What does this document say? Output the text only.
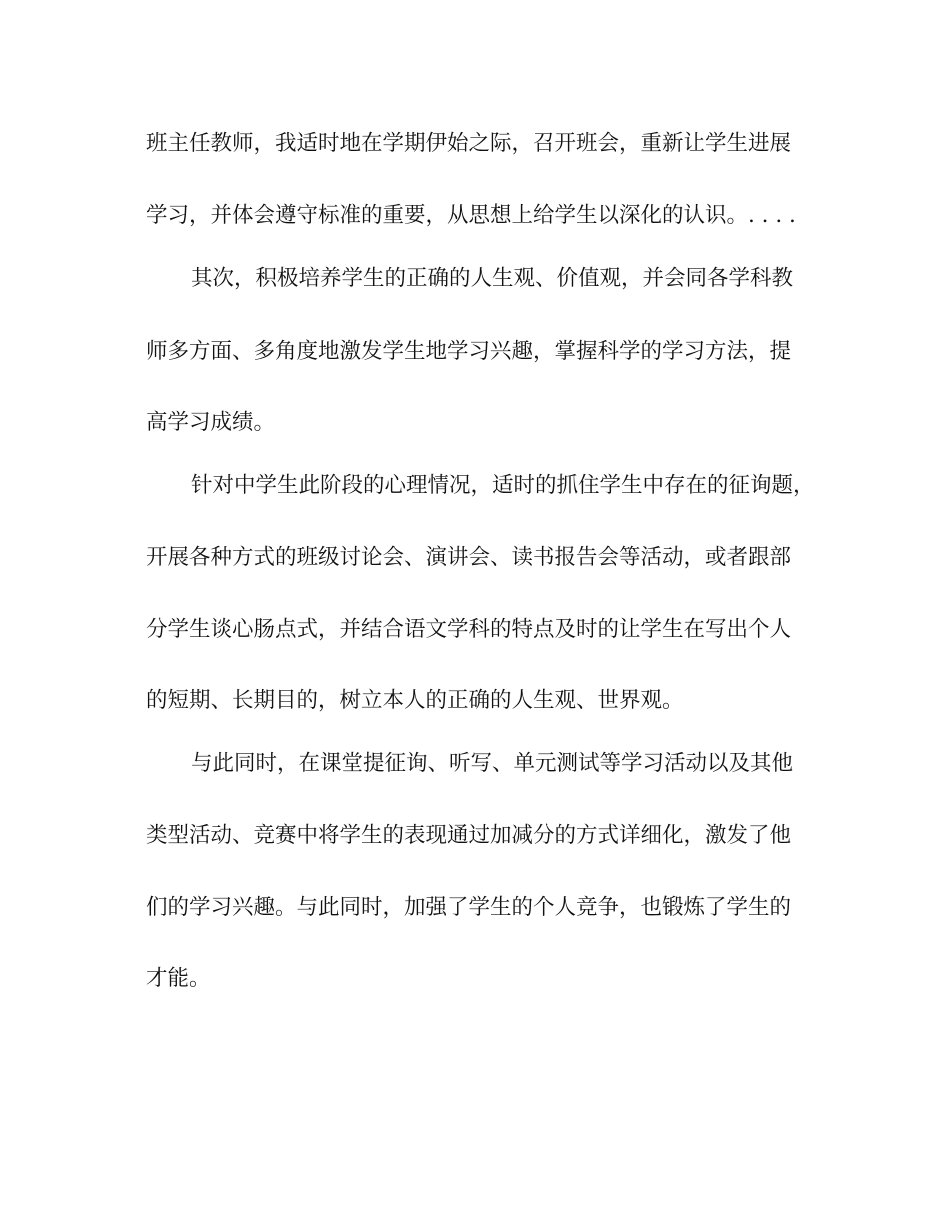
班主任教师，我适时地在学期伊始之际，召开班会，重新让学生进展
学习，并体会遵守标准的重要，从思想上给学生以深化的认识。. . . .
其次，积极培养学生的正确的人生观、价值观，并会同各学科教
师多方面、多角度地激发学生地学习兴趣，掌握科学的学习方法，提
高学习成绩。
针对中学生此阶段的心理情况，适时的抓住学生中存在的征询题，
开展各种方式的班级讨论会、演讲会、读书报告会等活动，或者跟部
分学生谈心肠点式，并结合语文学科的特点及时的让学生在写出个人
的短期、长期目的，树立本人的正确的人生观、世界观。
与此同时，在课堂提征询、听写、单元测试等学习活动以及其他
类型活动、竞赛中将学生的表现通过加减分的方式详细化，激发了他
们的学习兴趣。与此同时，加强了学生的个人竞争，也锻炼了学生的
才能。
